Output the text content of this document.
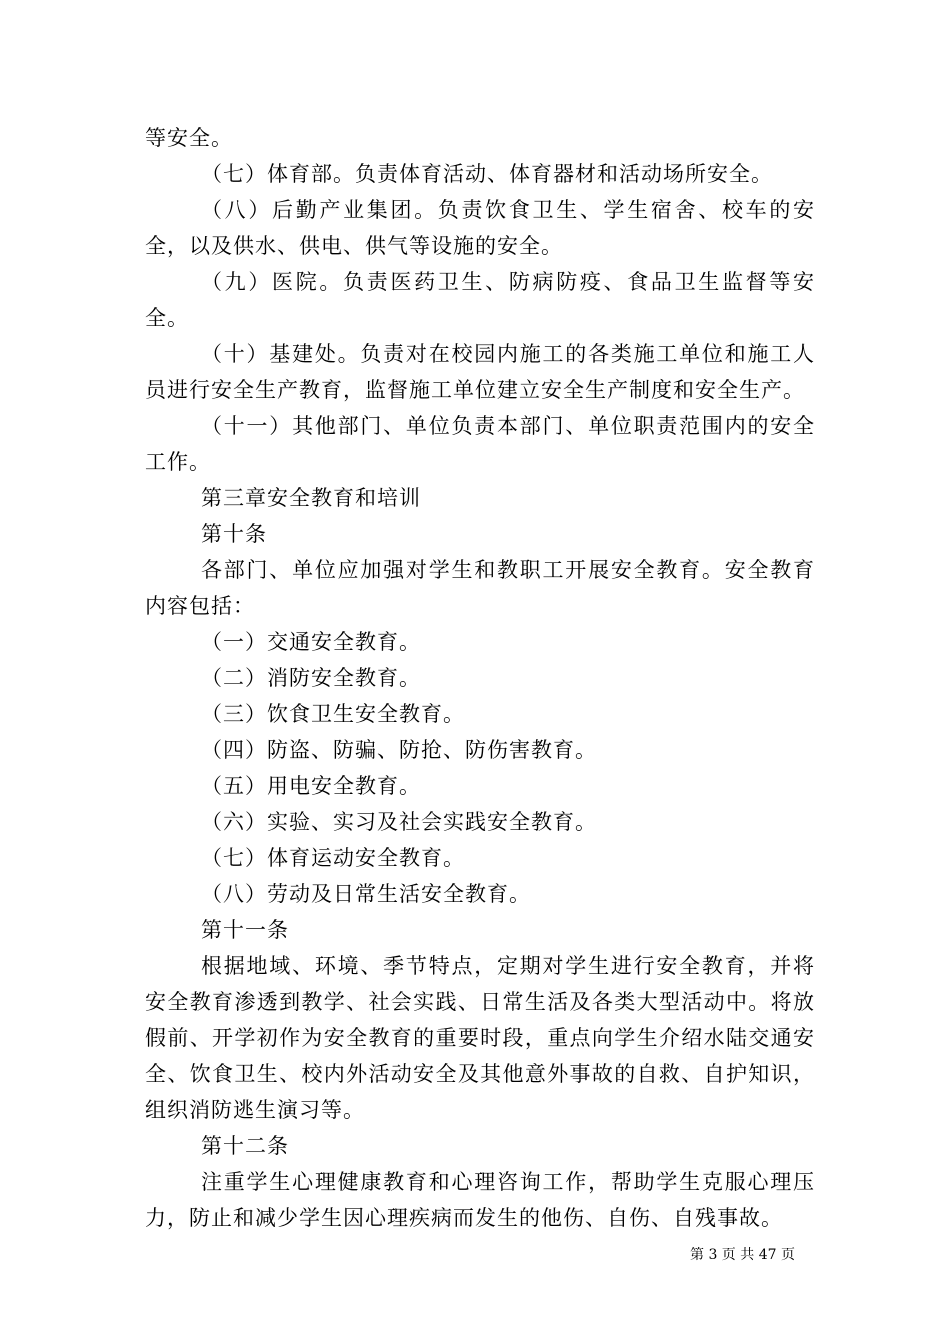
等安全。

（七）体育部。负责体育活动、体育器材和活动场所安全。

（八）后勤产业集团。负责饮食卫生、学生宿舍、校车的安全，以及供水、供电、供气等设施的安全。

（九）医院。负责医药卫生、防病防疫、食品卫生监督等安全。

（十）基建处。负责对在校园内施工的各类施工单位和施工人员进行安全生产教育，监督施工单位建立安全生产制度和安全生产。

（十一）其他部门、单位负责本部门、单位职责范围内的安全工作。

第三章安全教育和培训

第十条

各部门、单位应加强对学生和教职工开展安全教育。安全教育内容包括：

（一）交通安全教育。

（二）消防安全教育。

（三）饮食卫生安全教育。

（四）防盗、防骗、防抢、防伤害教育。

（五）用电安全教育。

（六）实验、实习及社会实践安全教育。

（七）体育运动安全教育。

（八）劳动及日常生活安全教育。

第十一条

根据地域、环境、季节特点，定期对学生进行安全教育，并将安全教育渗透到教学、社会实践、日常生活及各类大型活动中。将放假前、开学初作为安全教育的重要时段，重点向学生介绍水陆交通安全、饮食卫生、校内外活动安全及其他意外事故的自救、自护知识，组织消防逃生演习等。

第十二条

注重学生心理健康教育和心理咨询工作，帮助学生克服心理压力，防止和减少学生因心理疾病而发生的他伤、自伤、自残事故。

第 3 页 共 47 页
